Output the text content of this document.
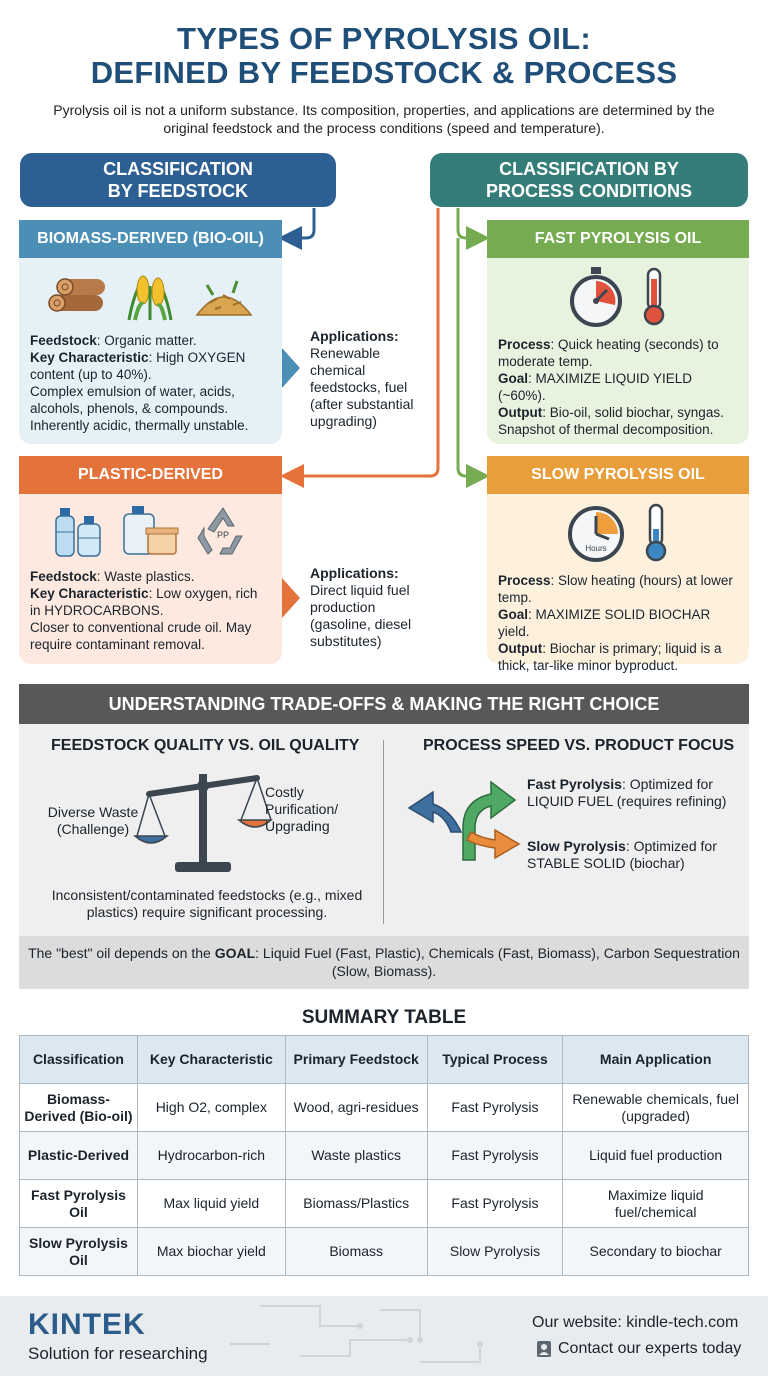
TYPES OF PYROLYSIS OIL:
DEFINED BY FEEDSTOCK & PROCESS
Pyrolysis oil is not a uniform substance. Its composition, properties, and applications are determined by the original feedstock and the process conditions (speed and temperature).
CLASSIFICATION
BY FEEDSTOCK
CLASSIFICATION BY
PROCESS CONDITIONS
BIOMASS-DERIVED (BIO-OIL)
Feedstock: Organic matter.
Key Characteristic: High OXYGEN content (up to 40%).
Complex emulsion of water, acids, alcohols, phenols, & compounds. Inherently acidic, thermally unstable.
Applications:
Renewable chemical feedstocks, fuel (after substantial upgrading)
PLASTIC-DERIVED
PP
Feedstock: Waste plastics.
Key Characteristic: Low oxygen, rich in HYDROCARBONS.
Closer to conventional crude oil. May require contaminant removal.
Applications:
Direct liquid fuel production (gasoline, diesel substitutes)
FAST PYROLYSIS OIL
Process: Quick heating (seconds) to moderate temp.
Goal: MAXIMIZE LIQUID YIELD (~60%).
Output: Bio-oil, solid biochar, syngas.
Snapshot of thermal decomposition.
SLOW PYROLYSIS OIL
Hours
Process: Slow heating (hours) at lower temp.
Goal: MAXIMIZE SOLID BIOCHAR yield.
Output: Biochar is primary; liquid is a thick, tar-like minor byproduct.
UNDERSTANDING TRADE-OFFS & MAKING THE RIGHT CHOICE
FEEDSTOCK QUALITY VS. OIL QUALITY
Diverse Waste (Challenge)
Costly Purification/ Upgrading
Inconsistent/contaminated feedstocks (e.g., mixed plastics) require significant processing.
PROCESS SPEED VS. PRODUCT FOCUS
Fast Pyrolysis: Optimized for LIQUID FUEL (requires refining)
Slow Pyrolysis: Optimized for STABLE SOLID (biochar)
The "best" oil depends on the GOAL: Liquid Fuel (Fast, Plastic), Chemicals (Fast, Biomass), Carbon Sequestration (Slow, Biomass).
SUMMARY TABLE
Classification	Key Characteristic	Primary Feedstock	Typical Process	Main Application
Biomass-Derived (Bio-oil)	High O2, complex	Wood, agri-residues	Fast Pyrolysis	Renewable chemicals, fuel (upgraded)
Plastic-Derived	Hydrocarbon-rich	Waste plastics	Fast Pyrolysis	Liquid fuel production
Fast Pyrolysis Oil	Max liquid yield	Biomass/Plastics	Fast Pyrolysis	Maximize liquid fuel/chemical
Slow Pyrolysis Oil	Max biochar yield	Biomass	Slow Pyrolysis	Secondary to biochar
KINTEK
Solution for researching
Our website: kindle-tech.com
Contact our experts today
